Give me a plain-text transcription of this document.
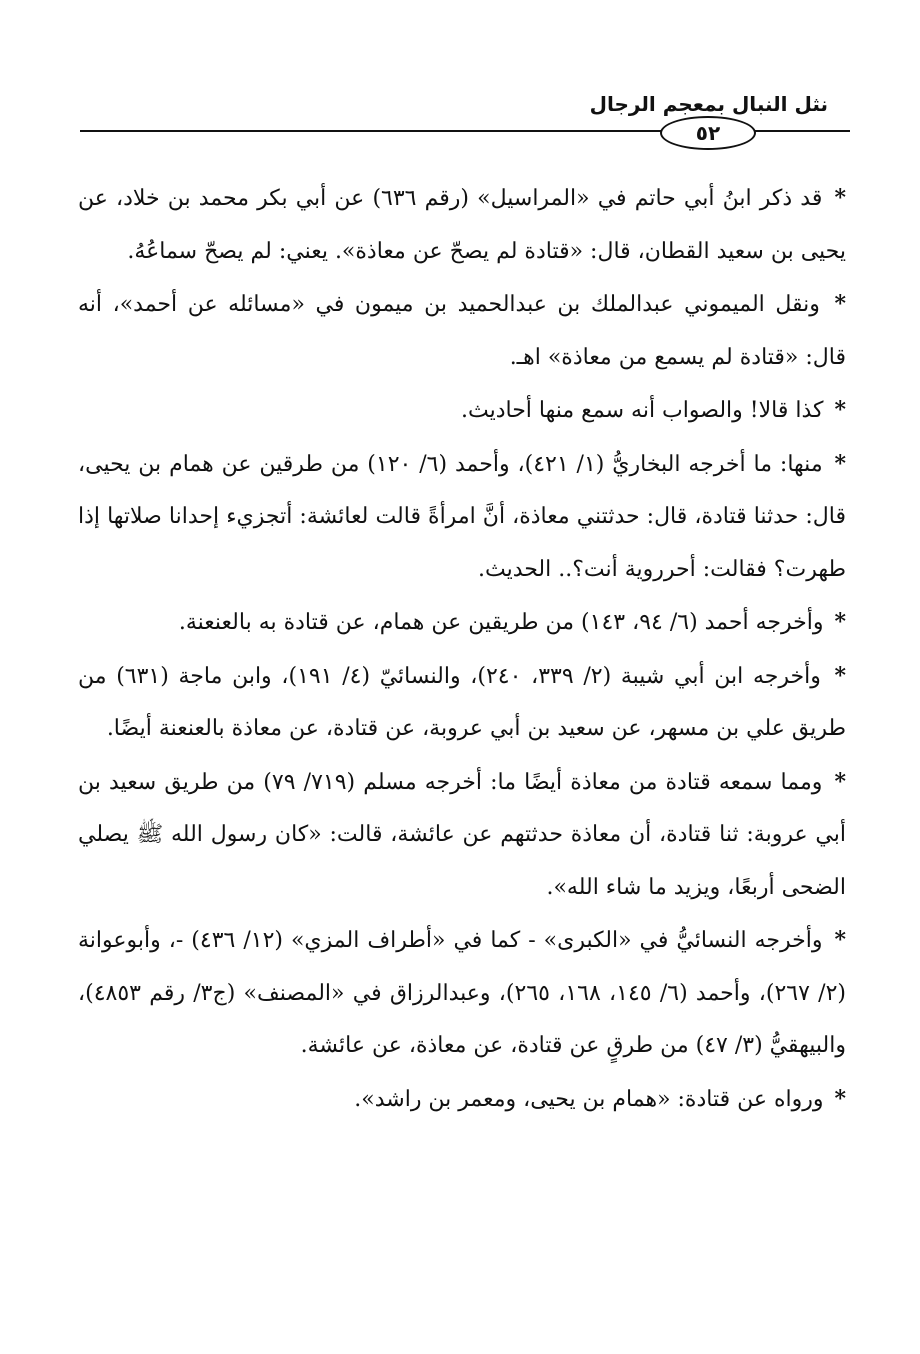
نثل النبال بمعجم الرجال
٥٢

* قد ذكر ابنُ أبي حاتم في «المراسيل» (رقم ٦٣٦) عن أبي بكر محمد بن خلاد، عن يحيى بن سعيد القطان، قال: «قتادة لم يصحّ عن معاذة». يعني: لم يصحّ سماعُهُ.

* ونقل الميموني عبدالملك بن عبدالحميد بن ميمون في «مسائله عن أحمد»، أنه قال: «قتادة لم يسمع من معاذة» اهـ.

* كذا قالا! والصواب أنه سمع منها أحاديث.

* منها: ما أخرجه البخاريُّ (١/ ٤٢١)، وأحمد (٦/ ١٢٠) من طرقين عن همام بن يحيى، قال: حدثنا قتادة، قال: حدثتني معاذة، أنَّ امرأةً قالت لعائشة: أتجزيء إحدانا صلاتها إذا طهرت؟ فقالت: أحرروية أنت؟.. الحديث.

* وأخرجه أحمد (٦/ ٩٤، ١٤٣) من طريقين عن همام، عن قتادة به بالعنعنة.

* وأخرجه ابن أبي شيبة (٢/ ٣٣٩، ٢٤٠)، والنسائيّ (٤/ ١٩١)، وابن ماجة (٦٣١) من طريق علي بن مسهر، عن سعيد بن أبي عروبة، عن قتادة، عن معاذة بالعنعنة أيضًا.

* ومما سمعه قتادة من معاذة أيضًا ما: أخرجه مسلم (٧١٩/ ٧٩) من طريق سعيد بن أبي عروبة: ثنا قتادة، أن معاذة حدثتهم عن عائشة، قالت: «كان رسول الله ﷺ يصلي الضحى أربعًا، ويزيد ما شاء الله».

* وأخرجه النسائيُّ في «الكبرى» - كما في «أطراف المزي» (١٢/ ٤٣٦) -، وأبوعوانة (٢/ ٢٦٧)، وأحمد (٦/ ١٤٥، ١٦٨، ٢٦٥)، وعبدالرزاق في «المصنف» (ج٣/ رقم ٤٨٥٣)، والبيهقيُّ (٣/ ٤٧) من طرقٍ عن قتادة، عن معاذة، عن عائشة.

* ورواه عن قتادة: «همام بن يحيى، ومعمر بن راشد».
